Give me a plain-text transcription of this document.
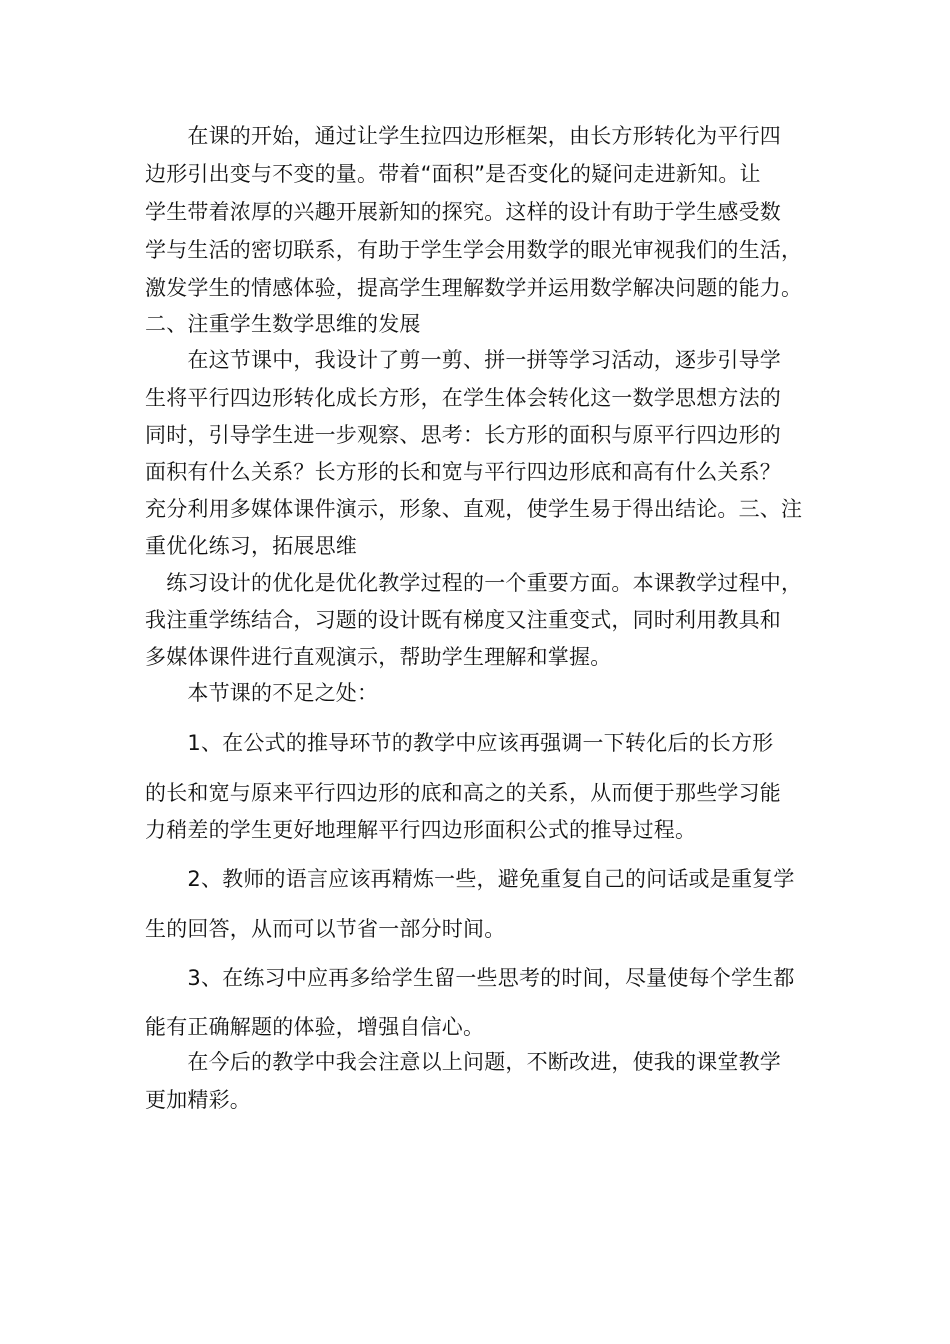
　　在课的开始，通过让学生拉四边形框架，由长方形转化为平行四
边形引出变与不变的量。带着“面积”是否变化的疑问走进新知。让
学生带着浓厚的兴趣开展新知的探究。这样的设计有助于学生感受数
学与生活的密切联系，有助于学生学会用数学的眼光审视我们的生活，
激发学生的情感体验，提高学生理解数学并运用数学解决问题的能力。
二、注重学生数学思维的发展
　　在这节课中，我设计了剪一剪、拼一拼等学习活动，逐步引导学
生将平行四边形转化成长方形，在学生体会转化这一数学思想方法的
同时，引导学生进一步观察、思考：长方形的面积与原平行四边形的
面积有什么关系？长方形的长和宽与平行四边形底和高有什么关系？
充分利用多媒体课件演示，形象、直观，使学生易于得出结论。三、注
重优化练习，拓展思维
　练习设计的优化是优化教学过程的一个重要方面。本课教学过程中，
我注重学练结合，习题的设计既有梯度又注重变式，同时利用教具和
多媒体课件进行直观演示，帮助学生理解和掌握。
　　本节课的不足之处：
　　1、在公式的推导环节的教学中应该再强调一下转化后的长方形
的长和宽与原来平行四边形的底和高之的关系，从而便于那些学习能
力稍差的学生更好地理解平行四边形面积公式的推导过程。
　　2、教师的语言应该再精炼一些，避免重复自己的问话或是重复学
生的回答，从而可以节省一部分时间。
　　3、在练习中应再多给学生留一些思考的时间，尽量使每个学生都
能有正确解题的体验，增强自信心。
　　在今后的教学中我会注意以上问题，不断改进，使我的课堂教学
更加精彩。
